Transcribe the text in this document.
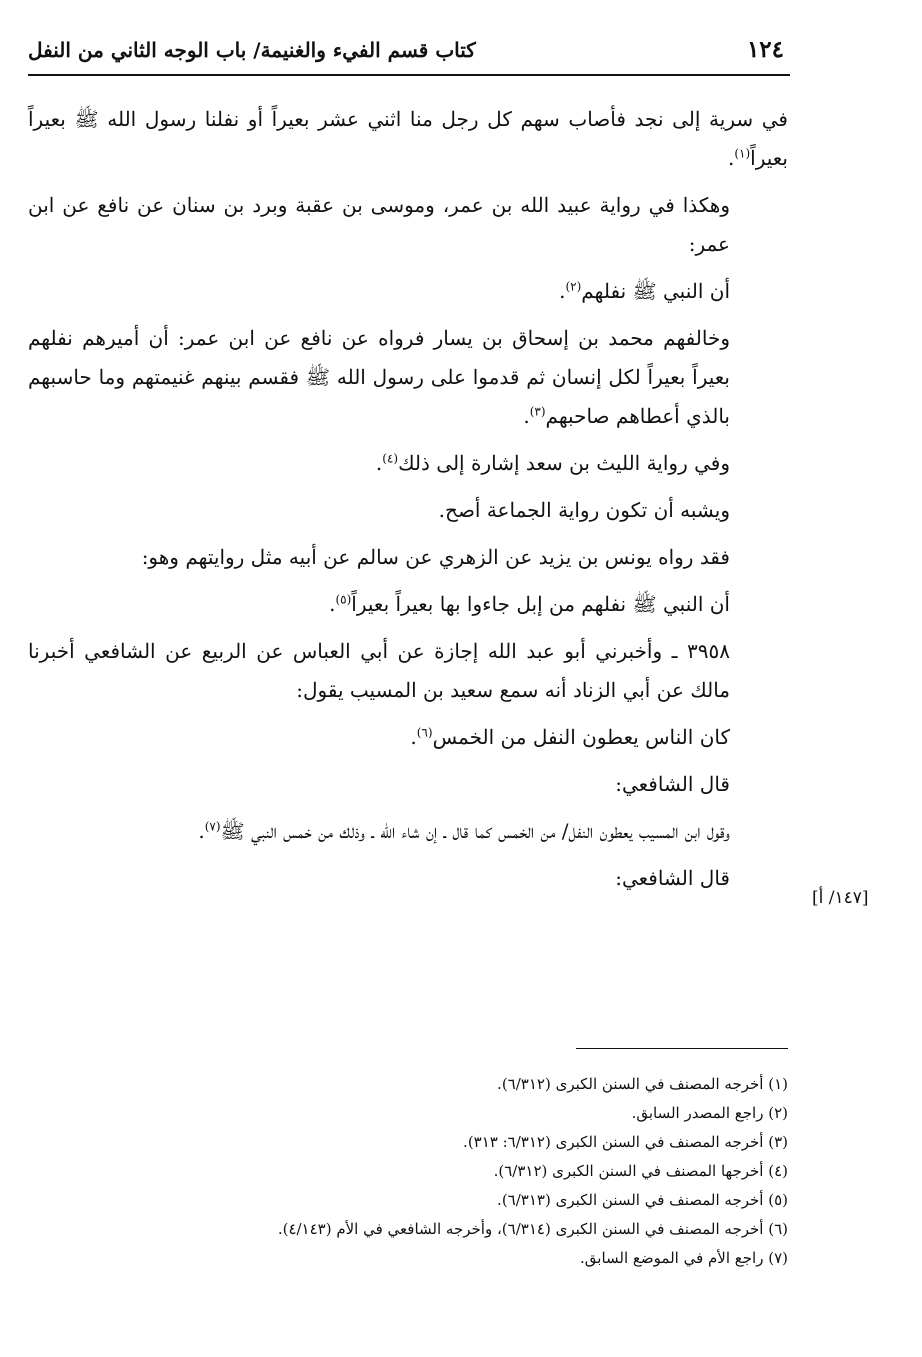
١٢٤
كتاب قسم الفيء والغنيمة/ باب الوجه الثاني من النفل

في سرية إلى نجد فأصاب سهم كل رجل منا اثني عشر بعيراً أو نفلنا رسول الله ﷺ بعيراً بعيراً$^{(١)}$.

وهكذا في رواية عبيد الله بن عمر، وموسى بن عقبة وبرد بن سنان عن نافع عن ابن عمر:

أن النبي ﷺ نفلهم$^{(٢)}$.

وخالفهم محمد بن إسحاق بن يسار فرواه عن نافع عن ابن عمر: أن أميرهم نفلهم بعيراً بعيراً لكل إنسان ثم قدموا على رسول الله ﷺ فقسم بينهم غنيمتهم وما حاسبهم بالذي أعطاهم صاحبهم$^{(٣)}$.

وفي رواية الليث بن سعد إشارة إلى ذلك$^{(٤)}$.

ويشبه أن تكون رواية الجماعة أصح.

فقد رواه يونس بن يزيد عن الزهري عن سالم عن أبيه مثل روايتهم وهو:

أن النبي ﷺ نفلهم من إبل جاءوا بها بعيراً بعيراً$^{(٥)}$.

٣٩٥٨ ـ وأخبرني أبو عبد الله إجازة عن أبي العباس عن الربيع عن الشافعي أخبرنا مالك عن أبي الزناد أنه سمع سعيد بن المسيب يقول:

كان الناس يعطون النفل من الخمس$^{(٦)}$.

قال الشافعي:

وقول ابن المسيب يعطون النفل/ من الخمس كما قال ـ إن شاء الله ـ وذلك من خمس النبي ﷺ$^{(٧)}$.

قال الشافعي:

[١٤٧/ أ]
(١) أخرجه المصنف في السنن الكبرى (٦/٣١٢).
(٢) راجع المصدر السابق.
(٣) أخرجه المصنف في السنن الكبرى (٦/٣١٢: ٣١٣).
(٤) أخرجها المصنف في السنن الكبرى (٦/٣١٢).
(٥) أخرجه المصنف في السنن الكبرى (٦/٣١٣).
(٦) أخرجه المصنف في السنن الكبرى (٦/٣١٤)، وأخرجه الشافعي في الأم (٤/١٤٣).
(٧) راجع الأم في الموضع السابق.
